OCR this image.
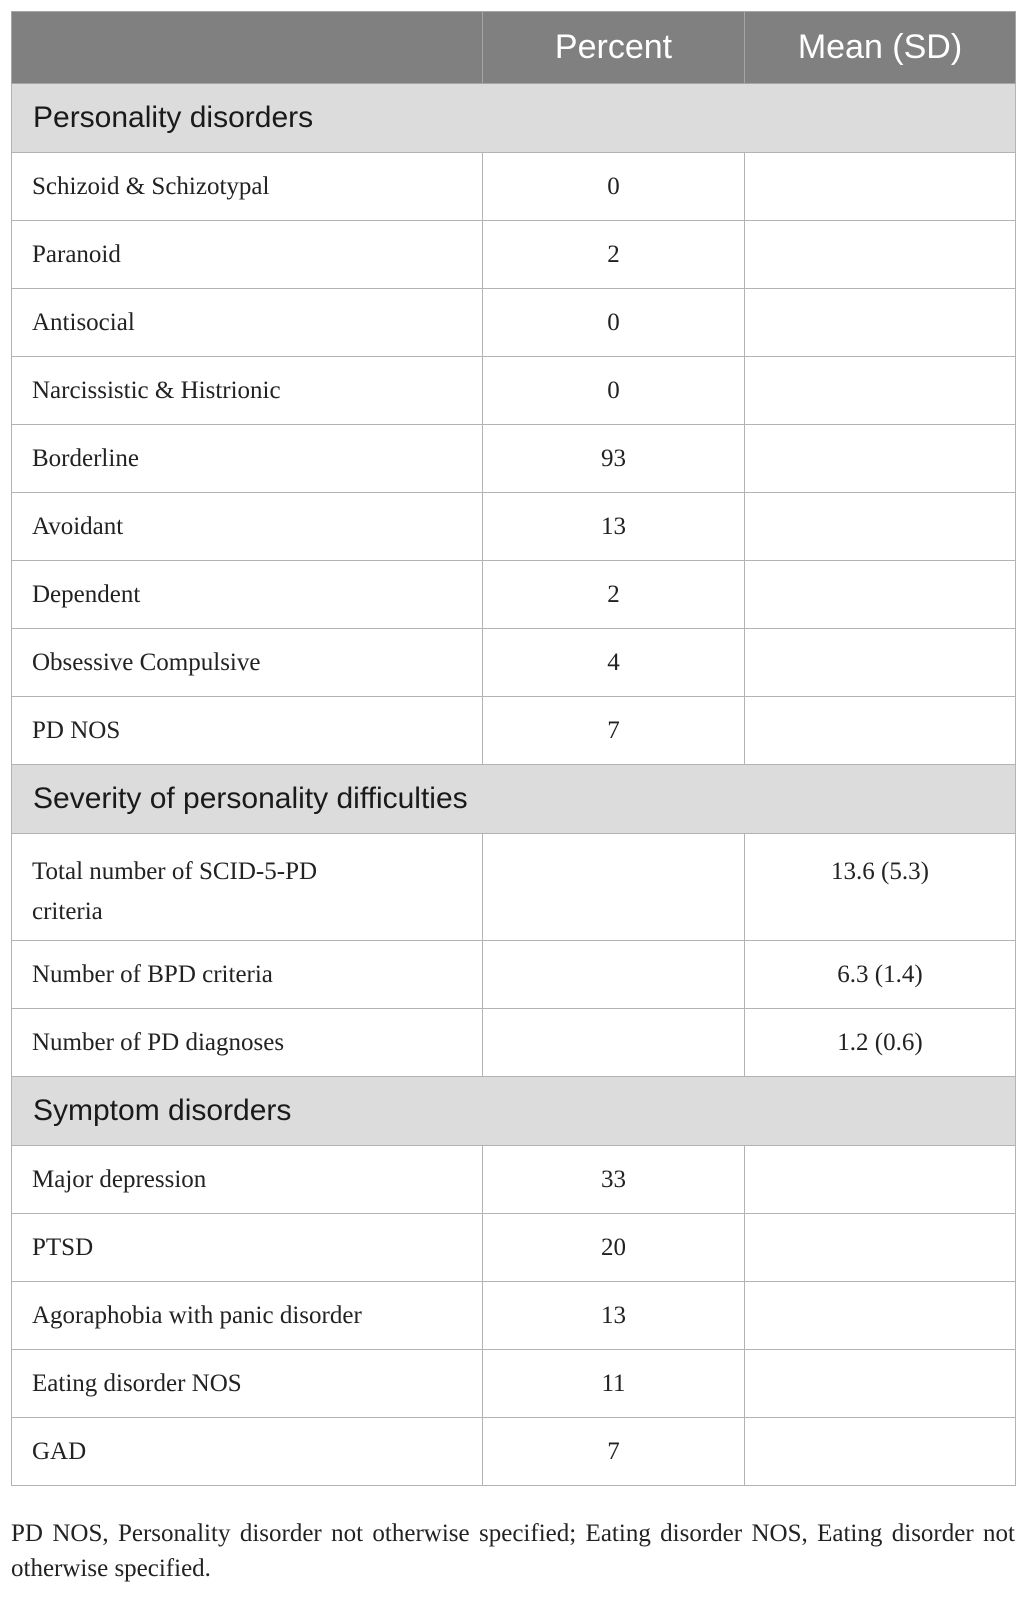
	Percent	Mean (SD)
Personality disorders		
Schizoid & Schizotypal	0	
Paranoid	2	
Antisocial	0	
Narcissistic & Histrionic	0	
Borderline	93	
Avoidant	13	
Dependent	2	
Obsessive Compulsive	4	
PD NOS	7	
Severity of personality difficulties		
Total number of SCID-5-PD criteria		13.6 (5.3)
Number of BPD criteria		6.3 (1.4)
Number of PD diagnoses		1.2 (0.6)
Symptom disorders		
Major depression	33	
PTSD	20	
Agoraphobia with panic disorder	13	
Eating disorder NOS	11	
GAD	7	

PD NOS, Personality disorder not otherwise specified; Eating disorder NOS, Eating disorder not otherwise specified.
